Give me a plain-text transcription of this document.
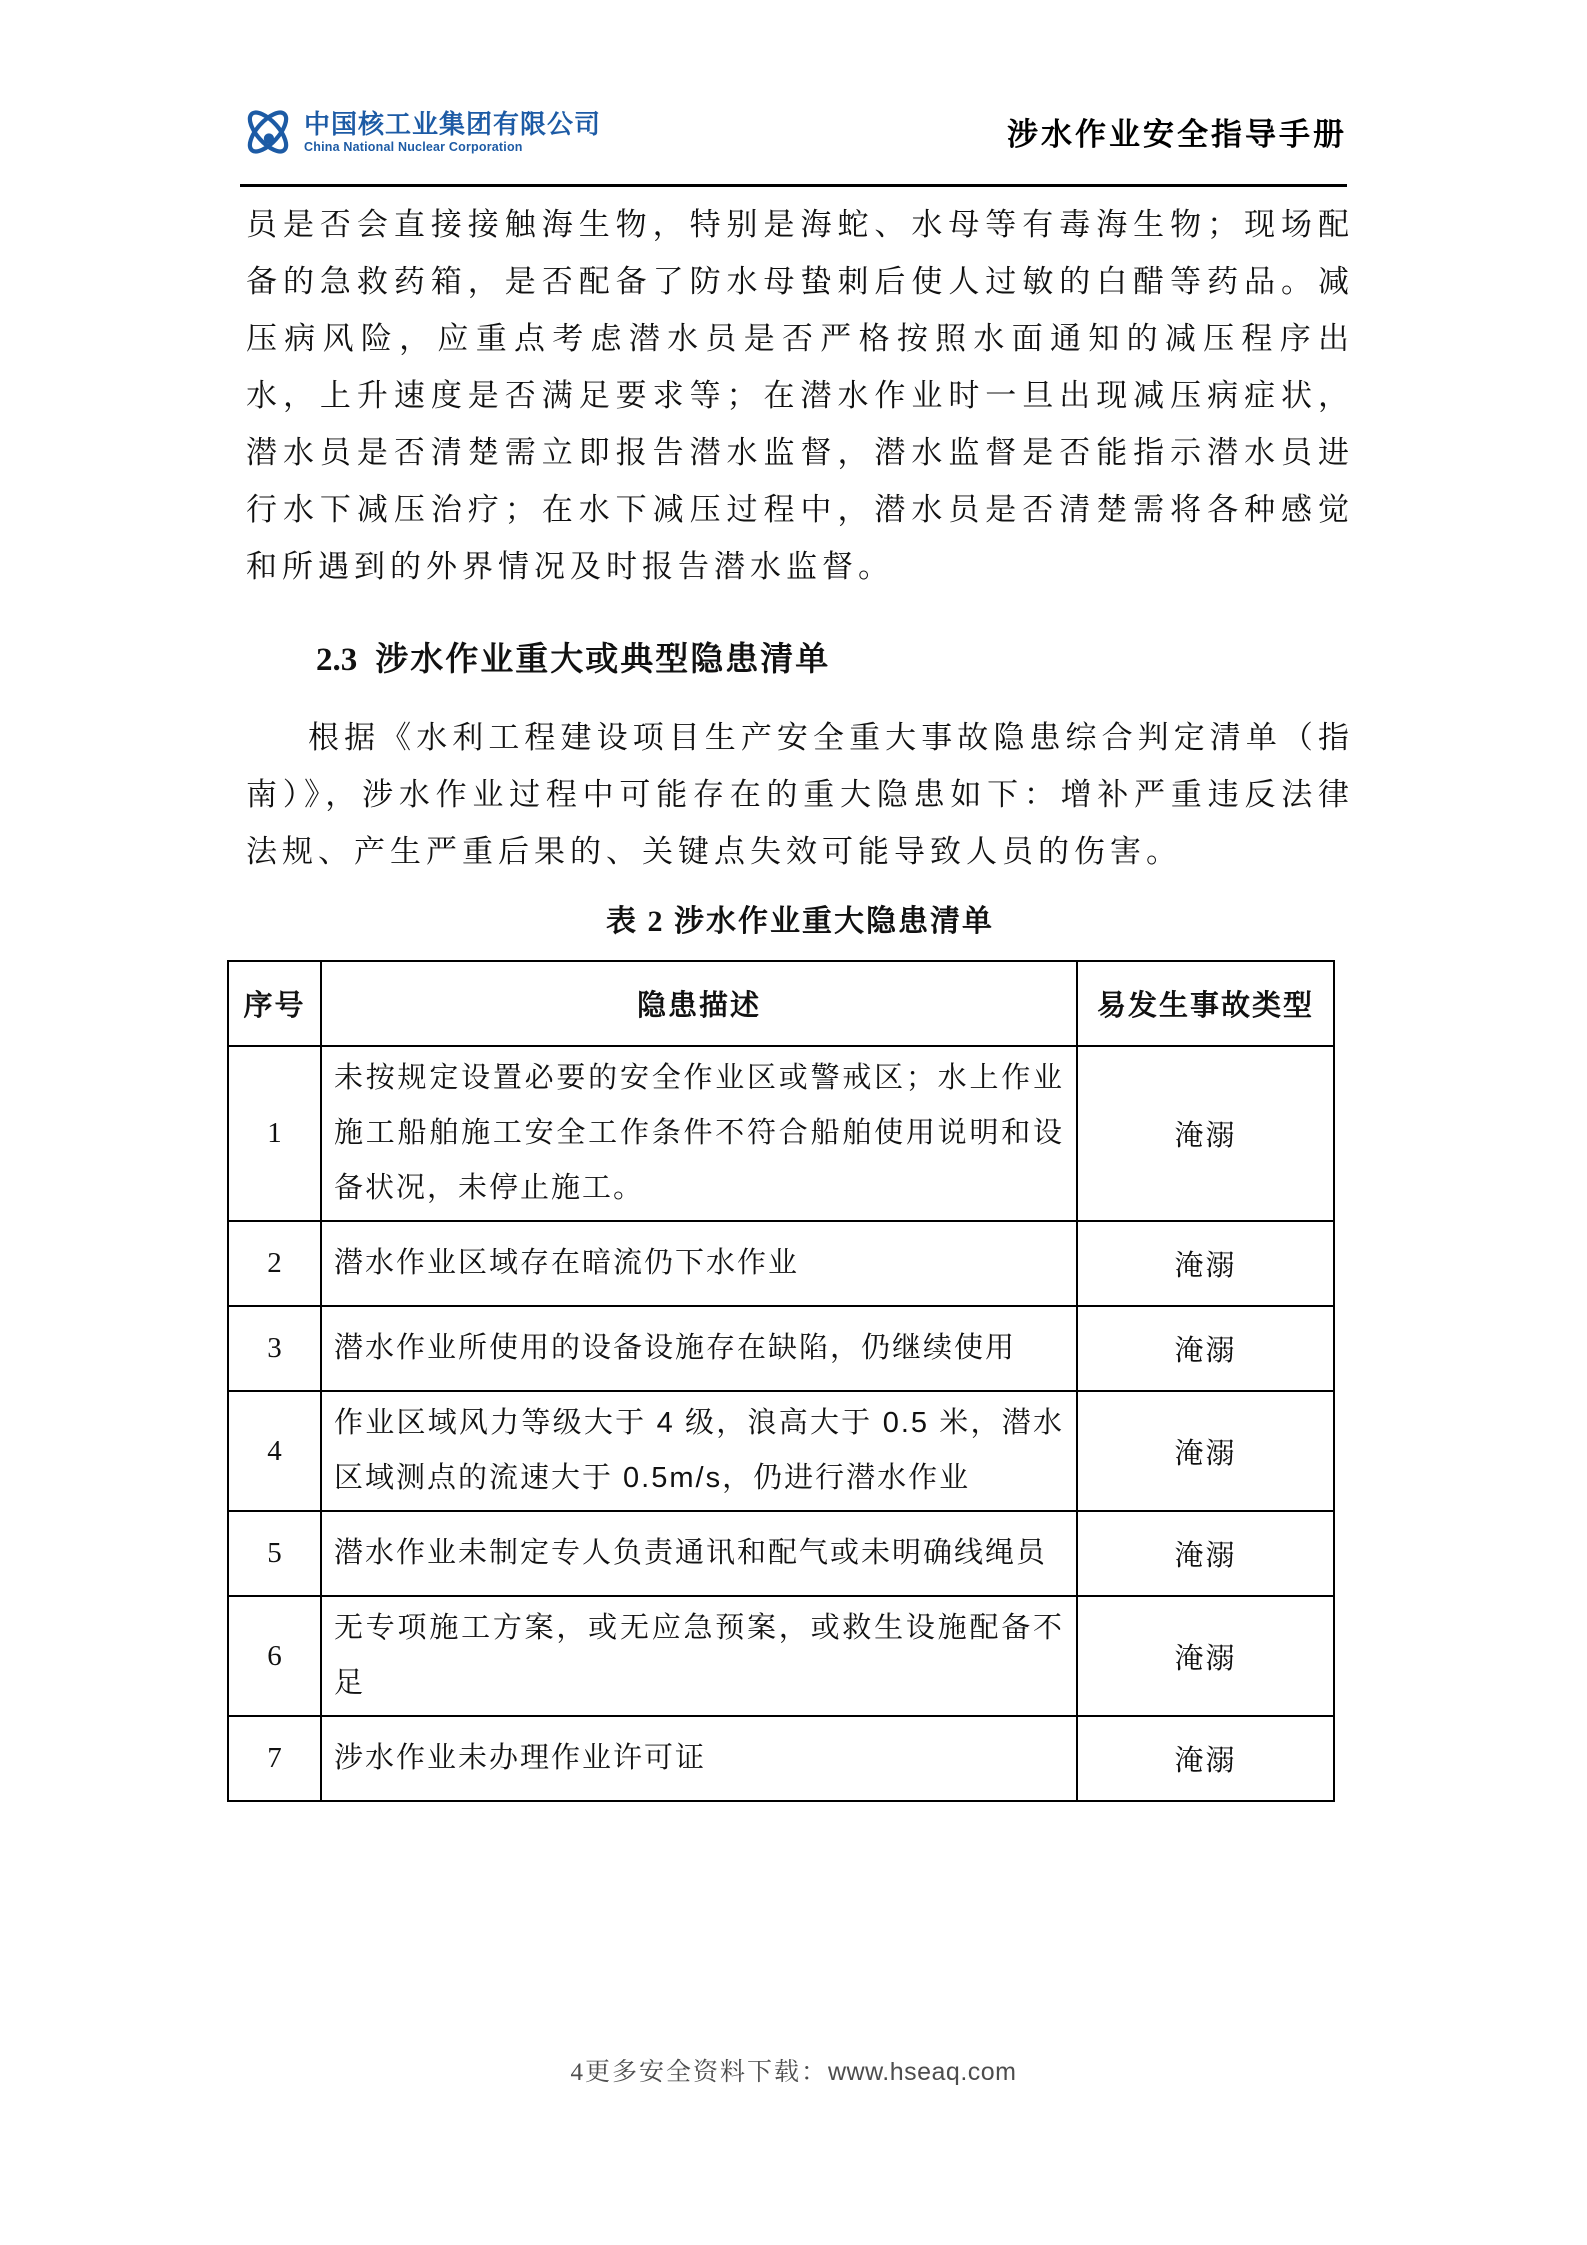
中国核工业集团有限公司
China National Nuclear Corporation	涉水作业安全指导手册

员是否会直接接触海生物，特别是海蛇、水母等有毒海生物；现场配备的急救药箱，是否配备了防水母蛰刺后使人过敏的白醋等药品。减压病风险，应重点考虑潜水员是否严格按照水面通知的减压程序出水，上升速度是否满足要求等；在潜水作业时一旦出现减压病症状，潜水员是否清楚需立即报告潜水监督，潜水监督是否能指示潜水员进行水下减压治疗；在水下减压过程中，潜水员是否清楚需将各种感觉和所遇到的外界情况及时报告潜水监督。

2.3 涉水作业重大或典型隐患清单

根据《水利工程建设项目生产安全重大事故隐患综合判定清单（指南）》，涉水作业过程中可能存在的重大隐患如下：增补严重违反法律法规、产生严重后果的、关键点失效可能导致人员的伤害。

表 2 涉水作业重大隐患清单
序号	隐患描述	易发生事故类型
1	未按规定设置必要的安全作业区或警戒区；水上作业施工船舶施工安全工作条件不符合船舶使用说明和设备状况，未停止施工。	淹溺
2	潜水作业区域存在暗流仍下水作业	淹溺
3	潜水作业所使用的设备设施存在缺陷，仍继续使用	淹溺
4	作业区域风力等级大于 4 级，浪高大于 0.5 米，潜水区域测点的流速大于 0.5m/s，仍进行潜水作业	淹溺
5	潜水作业未制定专人负责通讯和配气或未明确线绳员	淹溺
6	无专项施工方案，或无应急预案，或救生设施配备不足	淹溺
7	涉水作业未办理作业许可证	淹溺
4更多安全资料下载：www.hseaq.com
